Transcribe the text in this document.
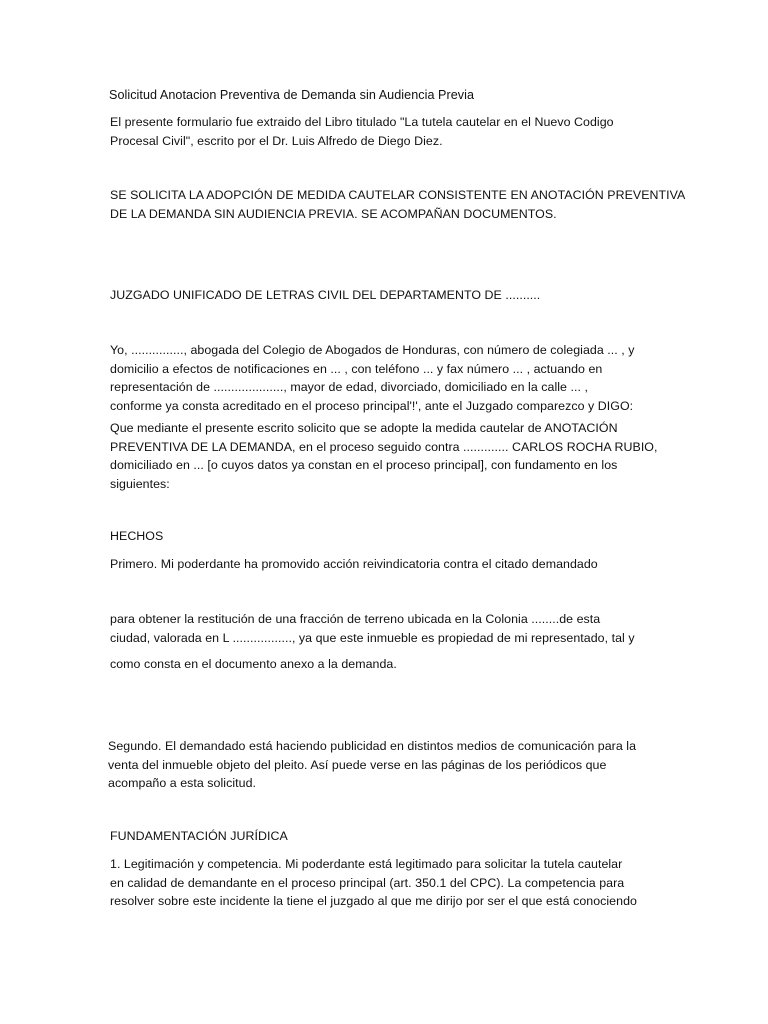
Solicitud Anotacion Preventiva de Demanda sin Audiencia Previa

El presente formulario fue extraido del Libro titulado "La tutela cautelar en el Nuevo Codigo
Procesal Civil", escrito por el Dr. Luis Alfredo de Diego Diez.

SE SOLICITA LA ADOPCIÓN DE MEDIDA CAUTELAR CONSISTENTE EN ANOTACIÓN PREVENTIVA
DE LA DEMANDA SIN AUDIENCIA PREVIA. SE ACOMPAÑAN DOCUMENTOS.

JUZGADO UNIFICADO DE LETRAS CIVIL DEL DEPARTAMENTO DE ..........

Yo, ..............., abogada del Colegio de Abogados de Honduras, con número de colegiada ... , y
domicilio a efectos de notificaciones en ... , con teléfono ... y fax número ... , actuando en
representación de ...................., mayor de edad, divorciado, domiciliado en la calle ... ,
conforme ya consta acreditado en el proceso principal'!', ante el Juzgado comparezco y DIGO:

Que mediante el presente escrito solicito que se adopte la medida cautelar de ANOTACIÓN
PREVENTIVA DE LA DEMANDA, en el proceso seguido contra ............. CARLOS ROCHA RUBIO,
domiciliado en ... [o cuyos datos ya constan en el proceso principal], con fundamento en los
siguientes:

HECHOS

Primero. Mi poderdante ha promovido acción reivindicatoria contra el citado demandado

para obtener la restitución de una fracción de terreno ubicada en la Colonia ........de esta
ciudad, valorada en L ................., ya que este inmueble es propiedad de mi representado, tal y

como consta en el documento anexo a la demanda.

Segundo. El demandado está haciendo publicidad en distintos medios de comunicación para la
venta del inmueble objeto del pleito. Así puede verse en las páginas de los periódicos que
acompaño a esta solicitud.

FUNDAMENTACIÓN JURÍDICA

1. Legitimación y competencia. Mi poderdante está legitimado para solicitar la tutela cautelar
en calidad de demandante en el proceso principal (art. 350.1 del CPC). La competencia para
resolver sobre este incidente la tiene el juzgado al que me dirijo por ser el que está conociendo
